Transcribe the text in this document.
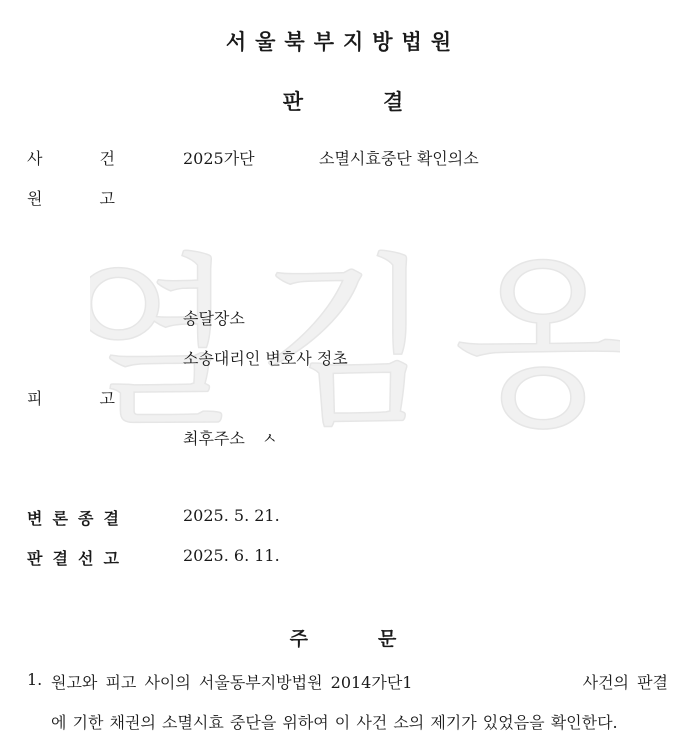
열김옹
서울북부지방법원
판결
사	건	2025가단	소멸시효중단 확인의소
원	고
송달장소
소송대리인 변호사 정초
피	고
최후주소 ㅅ
변 론 종 결	2025. 5. 21.
판 결 선 고	2025. 6. 11.
주문
1. 원고와 피고 사이의 서울동부지방법원 2014가단1	사건의 판결
에 기한 채권의 소멸시효 중단을 위하여 이 사건 소의 제기가 있었음을 확인한다.
